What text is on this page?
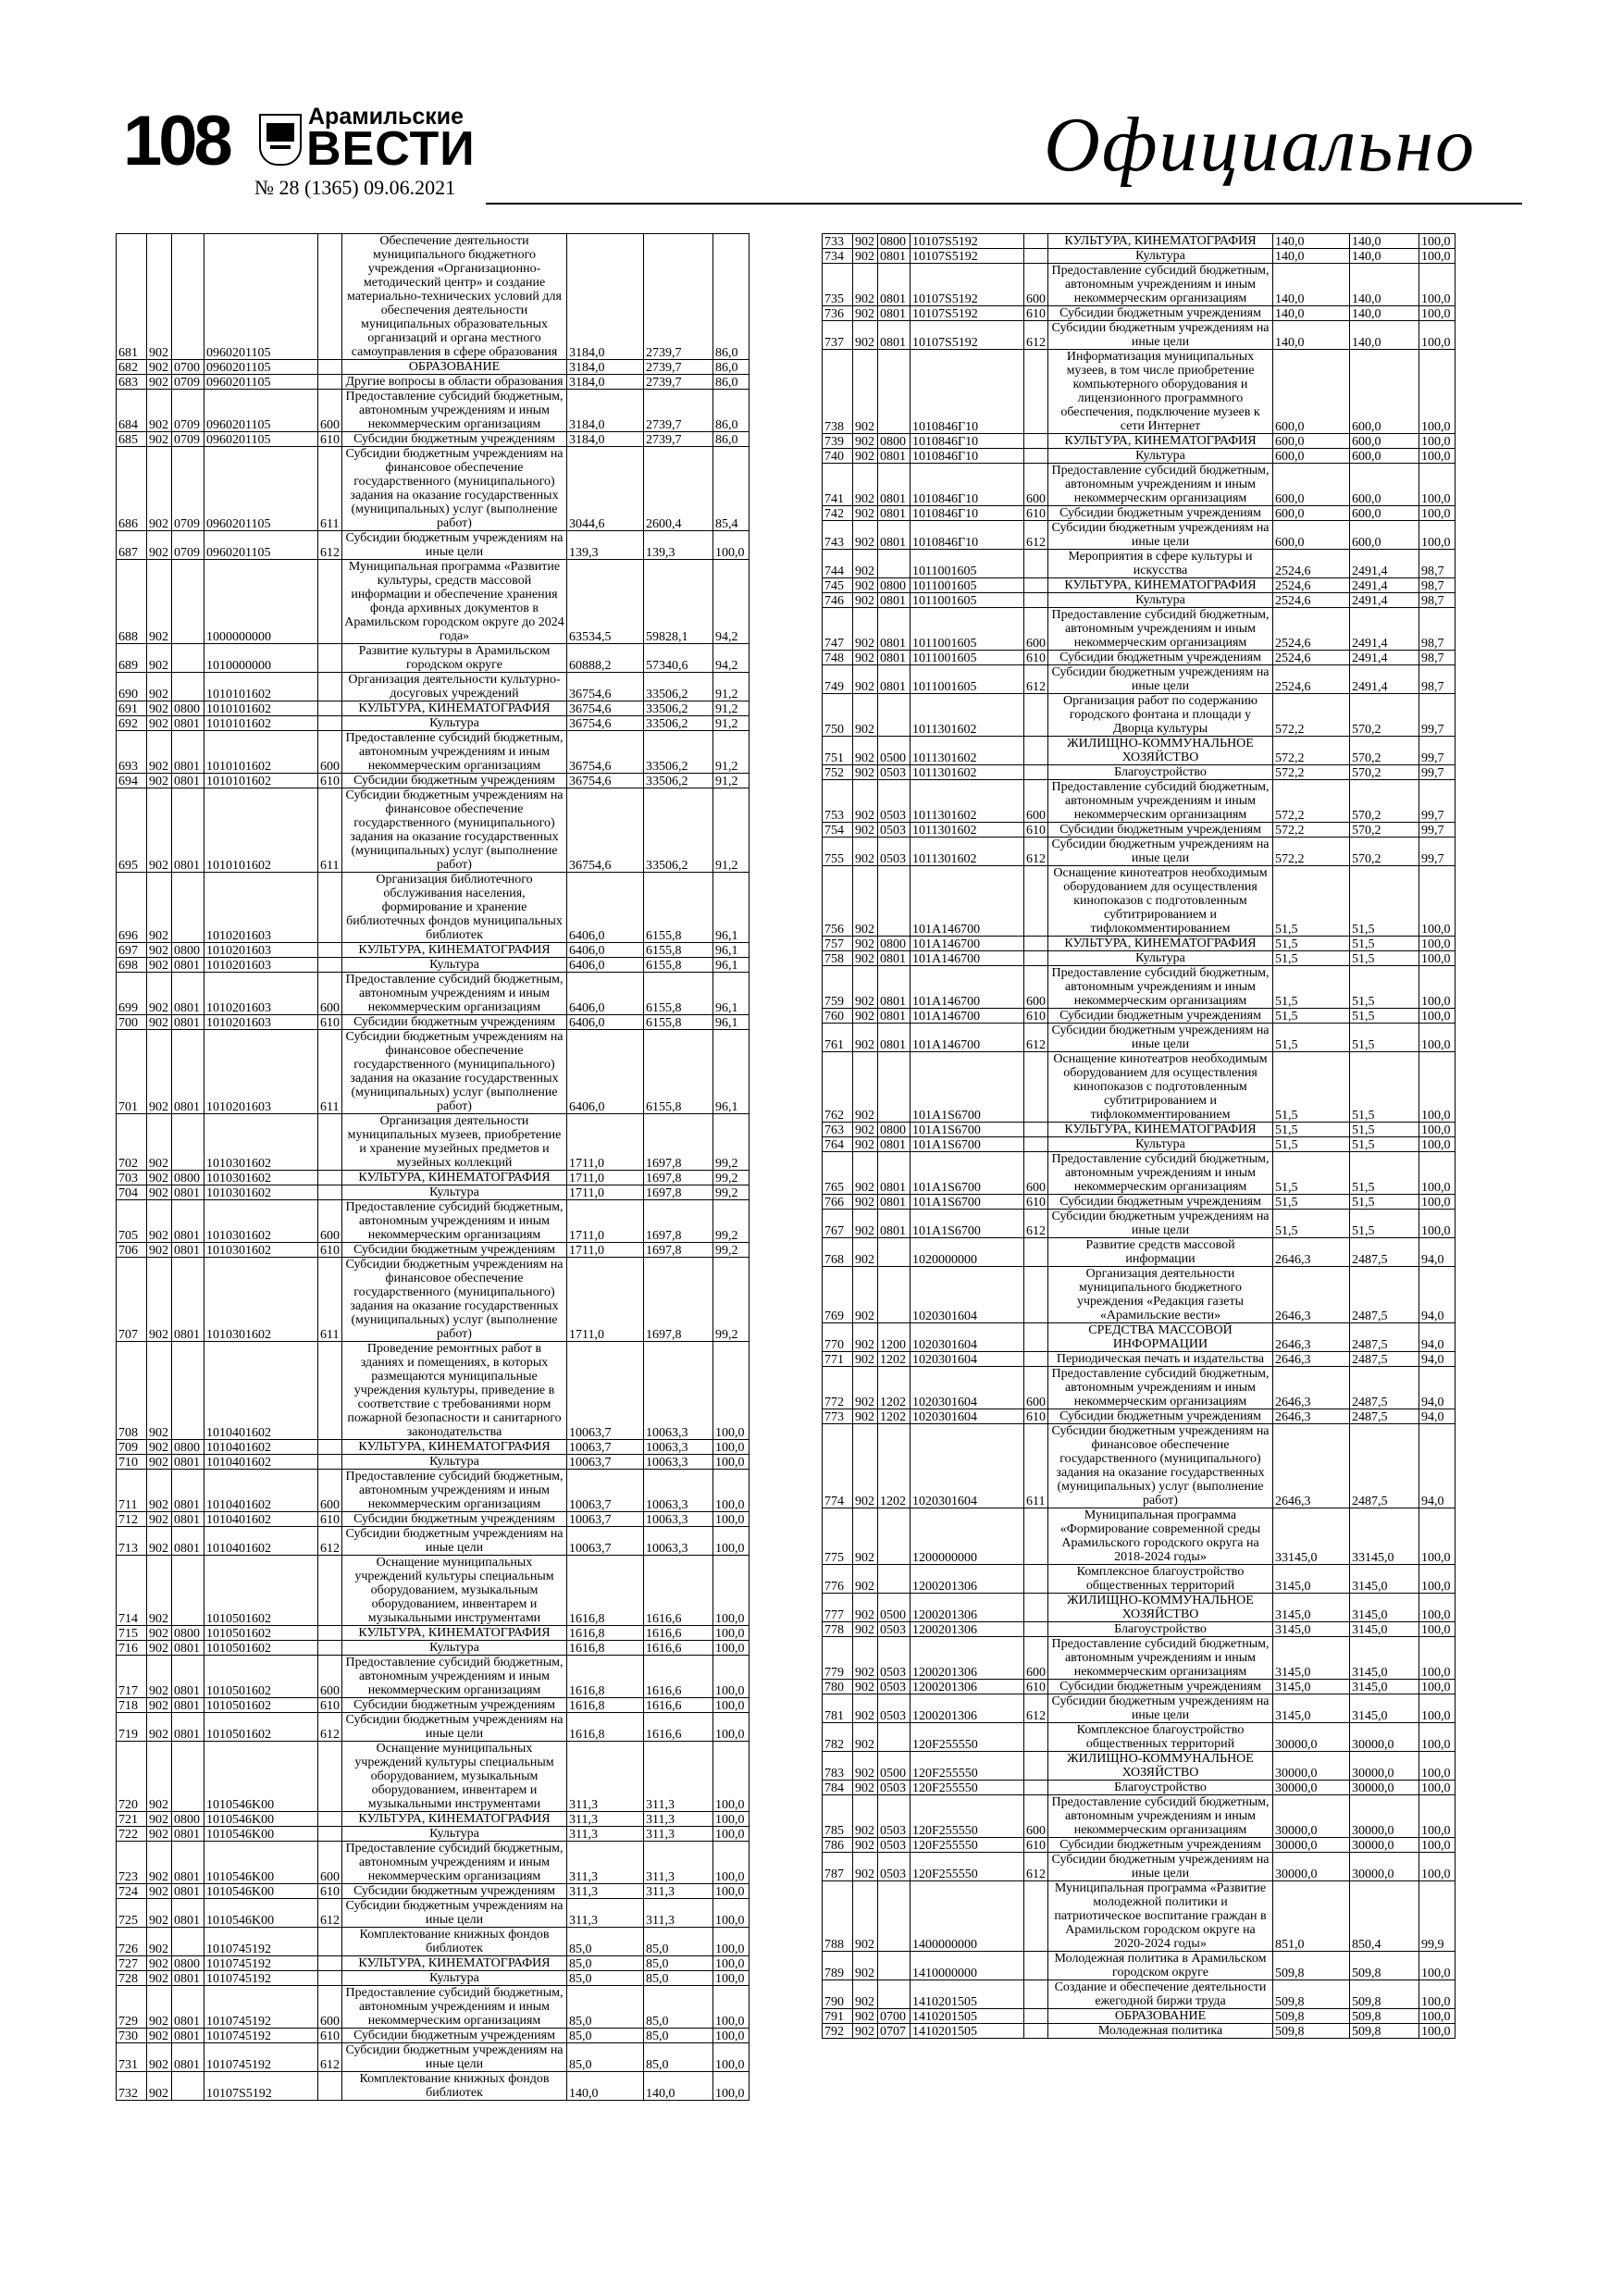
108	Арамильские
ВЕСТИ
№ 28 (1365) 09.06.2021	Официально
681	902		0960201105		Обеспечение деятельности муниципального бюджетного учреждения «Организационно-методический центр» и создание материально-технических условий для обеспечения деятельности муниципальных образовательных организаций и органа местного самоуправления в сфере образования	3184,0	2739,7	86,0
682	902	0700	0960201105		ОБРАЗОВАНИЕ	3184,0	2739,7	86,0
683	902	0709	0960201105		Другие вопросы в области образования	3184,0	2739,7	86,0
684	902	0709	0960201105	600	Предоставление субсидий бюджетным, автономным учреждениям и иным некоммерческим организациям	3184,0	2739,7	86,0
685	902	0709	0960201105	610	Субсидии бюджетным учреждениям	3184,0	2739,7	86,0
686	902	0709	0960201105	611	Субсидии бюджетным учреждениям на финансовое обеспечение государственного (муниципального) задания на оказание государственных (муниципальных) услуг (выполнение работ)	3044,6	2600,4	85,4
687	902	0709	0960201105	612	Субсидии бюджетным учреждениям на иные цели	139,3	139,3	100,0
688	902		1000000000		Муниципальная программа «Развитие культуры, средств массовой информации и обеспечение хранения фонда архивных документов в Арамильском городском округе до 2024 года»	63534,5	59828,1	94,2
689	902		1010000000		Развитие культуры в Арамильском городском округе	60888,2	57340,6	94,2
690	902		1010101602		Организация деятельности культурно-досуговых учреждений	36754,6	33506,2	91,2
691	902	0800	1010101602		КУЛЬТУРА, КИНЕМАТОГРАФИЯ	36754,6	33506,2	91,2
692	902	0801	1010101602		Культура	36754,6	33506,2	91,2
693	902	0801	1010101602	600	Предоставление субсидий бюджетным, автономным учреждениям и иным некоммерческим организациям	36754,6	33506,2	91,2
694	902	0801	1010101602	610	Субсидии бюджетным учреждениям	36754,6	33506,2	91,2
695	902	0801	1010101602	611	Субсидии бюджетным учреждениям на финансовое обеспечение государственного (муниципального) задания на оказание государственных (муниципальных) услуг (выполнение работ)	36754,6	33506,2	91,2
696	902		1010201603		Организация библиотечного обслуживания населения, формирование и хранение библиотечных фондов муниципальных библиотек	6406,0	6155,8	96,1
697	902	0800	1010201603		КУЛЬТУРА, КИНЕМАТОГРАФИЯ	6406,0	6155,8	96,1
698	902	0801	1010201603		Культура	6406,0	6155,8	96,1
699	902	0801	1010201603	600	Предоставление субсидий бюджетным, автономным учреждениям и иным некоммерческим организациям	6406,0	6155,8	96,1
700	902	0801	1010201603	610	Субсидии бюджетным учреждениям	6406,0	6155,8	96,1
701	902	0801	1010201603	611	Субсидии бюджетным учреждениям на финансовое обеспечение государственного (муниципального) задания на оказание государственных (муниципальных) услуг (выполнение работ)	6406,0	6155,8	96,1
702	902		1010301602		Организация деятельности муниципальных музеев, приобретение и хранение музейных предметов и музейных коллекций	1711,0	1697,8	99,2
703	902	0800	1010301602		КУЛЬТУРА, КИНЕМАТОГРАФИЯ	1711,0	1697,8	99,2
704	902	0801	1010301602		Культура	1711,0	1697,8	99,2
705	902	0801	1010301602	600	Предоставление субсидий бюджетным, автономным учреждениям и иным некоммерческим организациям	1711,0	1697,8	99,2
706	902	0801	1010301602	610	Субсидии бюджетным учреждениям	1711,0	1697,8	99,2
707	902	0801	1010301602	611	Субсидии бюджетным учреждениям на финансовое обеспечение государственного (муниципального) задания на оказание государственных (муниципальных) услуг (выполнение работ)	1711,0	1697,8	99,2
708	902		1010401602		Проведение ремонтных работ в зданиях и помещениях, в которых размещаются муниципальные учреждения культуры, приведение в соответствие с требованиями норм пожарной безопасности и санитарного законодательства	10063,7	10063,3	100,0
709	902	0800	1010401602		КУЛЬТУРА, КИНЕМАТОГРАФИЯ	10063,7	10063,3	100,0
710	902	0801	1010401602		Культура	10063,7	10063,3	100,0
711	902	0801	1010401602	600	Предоставление субсидий бюджетным, автономным учреждениям и иным некоммерческим организациям	10063,7	10063,3	100,0
712	902	0801	1010401602	610	Субсидии бюджетным учреждениям	10063,7	10063,3	100,0
713	902	0801	1010401602	612	Субсидии бюджетным учреждениям на иные цели	10063,7	10063,3	100,0
714	902		1010501602		Оснащение муниципальных учреждений культуры специальным оборудованием, музыкальным оборудованием, инвентарем и музыкальными инструментами	1616,8	1616,6	100,0
715	902	0800	1010501602		КУЛЬТУРА, КИНЕМАТОГРАФИЯ	1616,8	1616,6	100,0
716	902	0801	1010501602		Культура	1616,8	1616,6	100,0
717	902	0801	1010501602	600	Предоставление субсидий бюджетным, автономным учреждениям и иным некоммерческим организациям	1616,8	1616,6	100,0
718	902	0801	1010501602	610	Субсидии бюджетным учреждениям	1616,8	1616,6	100,0
719	902	0801	1010501602	612	Субсидии бюджетным учреждениям на иные цели	1616,8	1616,6	100,0
720	902		1010546K00		Оснащение муниципальных учреждений культуры специальным оборудованием, музыкальным оборудованием, инвентарем и музыкальными инструментами	311,3	311,3	100,0
721	902	0800	1010546K00		КУЛЬТУРА, КИНЕМАТОГРАФИЯ	311,3	311,3	100,0
722	902	0801	1010546K00		Культура	311,3	311,3	100,0
723	902	0801	1010546K00	600	Предоставление субсидий бюджетным, автономным учреждениям и иным некоммерческим организациям	311,3	311,3	100,0
724	902	0801	1010546K00	610	Субсидии бюджетным учреждениям	311,3	311,3	100,0
725	902	0801	1010546K00	612	Субсидии бюджетным учреждениям на иные цели	311,3	311,3	100,0
726	902		1010745192		Комплектование книжных фондов библиотек	85,0	85,0	100,0
727	902	0800	1010745192		КУЛЬТУРА, КИНЕМАТОГРАФИЯ	85,0	85,0	100,0
728	902	0801	1010745192		Культура	85,0	85,0	100,0
729	902	0801	1010745192	600	Предоставление субсидий бюджетным, автономным учреждениям и иным некоммерческим организациям	85,0	85,0	100,0
730	902	0801	1010745192	610	Субсидии бюджетным учреждениям	85,0	85,0	100,0
731	902	0801	1010745192	612	Субсидии бюджетным учреждениям на иные цели	85,0	85,0	100,0
732	902		10107S5192		Комплектование книжных фондов библиотек	140,0	140,0	100,0
733	902	0800	10107S5192		КУЛЬТУРА, КИНЕМАТОГРАФИЯ	140,0	140,0	100,0
734	902	0801	10107S5192		Культура	140,0	140,0	100,0
735	902	0801	10107S5192	600	Предоставление субсидий бюджетным, автономным учреждениям и иным некоммерческим организациям	140,0	140,0	100,0
736	902	0801	10107S5192	610	Субсидии бюджетным учреждениям	140,0	140,0	100,0
737	902	0801	10107S5192	612	Субсидии бюджетным учреждениям на иные цели	140,0	140,0	100,0
738	902		1010846Г10		Информатизация муниципальных музеев, в том числе приобретение компьютерного оборудования и лицензионного программного обеспечения, подключение музеев к сети Интернет	600,0	600,0	100,0
739	902	0800	1010846Г10		КУЛЬТУРА, КИНЕМАТОГРАФИЯ	600,0	600,0	100,0
740	902	0801	1010846Г10		Культура	600,0	600,0	100,0
741	902	0801	1010846Г10	600	Предоставление субсидий бюджетным, автономным учреждениям и иным некоммерческим организациям	600,0	600,0	100,0
742	902	0801	1010846Г10	610	Субсидии бюджетным учреждениям	600,0	600,0	100,0
743	902	0801	1010846Г10	612	Субсидии бюджетным учреждениям на иные цели	600,0	600,0	100,0
744	902		1011001605		Мероприятия в сфере культуры и искусства	2524,6	2491,4	98,7
745	902	0800	1011001605		КУЛЬТУРА, КИНЕМАТОГРАФИЯ	2524,6	2491,4	98,7
746	902	0801	1011001605		Культура	2524,6	2491,4	98,7
747	902	0801	1011001605	600	Предоставление субсидий бюджетным, автономным учреждениям и иным некоммерческим организациям	2524,6	2491,4	98,7
748	902	0801	1011001605	610	Субсидии бюджетным учреждениям	2524,6	2491,4	98,7
749	902	0801	1011001605	612	Субсидии бюджетным учреждениям на иные цели	2524,6	2491,4	98,7
750	902		1011301602		Организация работ по содержанию городского фонтана и площади у Дворца культуры	572,2	570,2	99,7
751	902	0500	1011301602		ЖИЛИЩНО-КОММУНАЛЬНОЕ ХОЗЯЙСТВО	572,2	570,2	99,7
752	902	0503	1011301602		Благоустройство	572,2	570,2	99,7
753	902	0503	1011301602	600	Предоставление субсидий бюджетным, автономным учреждениям и иным некоммерческим организациям	572,2	570,2	99,7
754	902	0503	1011301602	610	Субсидии бюджетным учреждениям	572,2	570,2	99,7
755	902	0503	1011301602	612	Субсидии бюджетным учреждениям на иные цели	572,2	570,2	99,7
756	902		101A146700		Оснащение кинотеатров необходимым оборудованием для осуществления кинопоказов с подготовленным субтитрированием и тифлокомментированием	51,5	51,5	100,0
757	902	0800	101A146700		КУЛЬТУРА, КИНЕМАТОГРАФИЯ	51,5	51,5	100,0
758	902	0801	101A146700		Культура	51,5	51,5	100,0
759	902	0801	101A146700	600	Предоставление субсидий бюджетным, автономным учреждениям и иным некоммерческим организациям	51,5	51,5	100,0
760	902	0801	101A146700	610	Субсидии бюджетным учреждениям	51,5	51,5	100,0
761	902	0801	101A146700	612	Субсидии бюджетным учреждениям на иные цели	51,5	51,5	100,0
762	902		101A1S6700		Оснащение кинотеатров необходимым оборудованием для осуществления кинопоказов с подготовленным субтитрированием и тифлокомментированием	51,5	51,5	100,0
763	902	0800	101A1S6700		КУЛЬТУРА, КИНЕМАТОГРАФИЯ	51,5	51,5	100,0
764	902	0801	101A1S6700		Культура	51,5	51,5	100,0
765	902	0801	101A1S6700	600	Предоставление субсидий бюджетным, автономным учреждениям и иным некоммерческим организациям	51,5	51,5	100,0
766	902	0801	101A1S6700	610	Субсидии бюджетным учреждениям	51,5	51,5	100,0
767	902	0801	101A1S6700	612	Субсидии бюджетным учреждениям на иные цели	51,5	51,5	100,0
768	902		1020000000		Развитие средств массовой информации	2646,3	2487,5	94,0
769	902		1020301604		Организация деятельности муниципального бюджетного учреждения «Редакция газеты «Арамильские вести»	2646,3	2487,5	94,0
770	902	1200	1020301604		СРЕДСТВА МАССОВОЙ ИНФОРМАЦИИ	2646,3	2487,5	94,0
771	902	1202	1020301604		Периодическая печать и издательства	2646,3	2487,5	94,0
772	902	1202	1020301604	600	Предоставление субсидий бюджетным, автономным учреждениям и иным некоммерческим организациям	2646,3	2487,5	94,0
773	902	1202	1020301604	610	Субсидии бюджетным учреждениям	2646,3	2487,5	94,0
774	902	1202	1020301604	611	Субсидии бюджетным учреждениям на финансовое обеспечение государственного (муниципального) задания на оказание государственных (муниципальных) услуг (выполнение работ)	2646,3	2487,5	94,0
775	902		1200000000		Муниципальная программа «Формирование современной среды Арамильского городского округа на 2018-2024 годы»	33145,0	33145,0	100,0
776	902		1200201306		Комплексное благоустройство общественных территорий	3145,0	3145,0	100,0
777	902	0500	1200201306		ЖИЛИЩНО-КОММУНАЛЬНОЕ ХОЗЯЙСТВО	3145,0	3145,0	100,0
778	902	0503	1200201306		Благоустройство	3145,0	3145,0	100,0
779	902	0503	1200201306	600	Предоставление субсидий бюджетным, автономным учреждениям и иным некоммерческим организациям	3145,0	3145,0	100,0
780	902	0503	1200201306	610	Субсидии бюджетным учреждениям	3145,0	3145,0	100,0
781	902	0503	1200201306	612	Субсидии бюджетным учреждениям на иные цели	3145,0	3145,0	100,0
782	902		120F255550		Комплексное благоустройство общественных территорий	30000,0	30000,0	100,0
783	902	0500	120F255550		ЖИЛИЩНО-КОММУНАЛЬНОЕ ХОЗЯЙСТВО	30000,0	30000,0	100,0
784	902	0503	120F255550		Благоустройство	30000,0	30000,0	100,0
785	902	0503	120F255550	600	Предоставление субсидий бюджетным, автономным учреждениям и иным некоммерческим организациям	30000,0	30000,0	100,0
786	902	0503	120F255550	610	Субсидии бюджетным учреждениям	30000,0	30000,0	100,0
787	902	0503	120F255550	612	Субсидии бюджетным учреждениям на иные цели	30000,0	30000,0	100,0
788	902		1400000000		Муниципальная программа «Развитие молодежной политики и патриотическое воспитание граждан в Арамильском городском округе на 2020-2024 годы»	851,0	850,4	99,9
789	902		1410000000		Молодежная политика в Арамильском городском округе	509,8	509,8	100,0
790	902		1410201505		Создание и обеспечение деятельности ежегодной биржи труда	509,8	509,8	100,0
791	902	0700	1410201505		ОБРАЗОВАНИЕ	509,8	509,8	100,0
792	902	0707	1410201505		Молодежная политика	509,8	509,8	100,0
